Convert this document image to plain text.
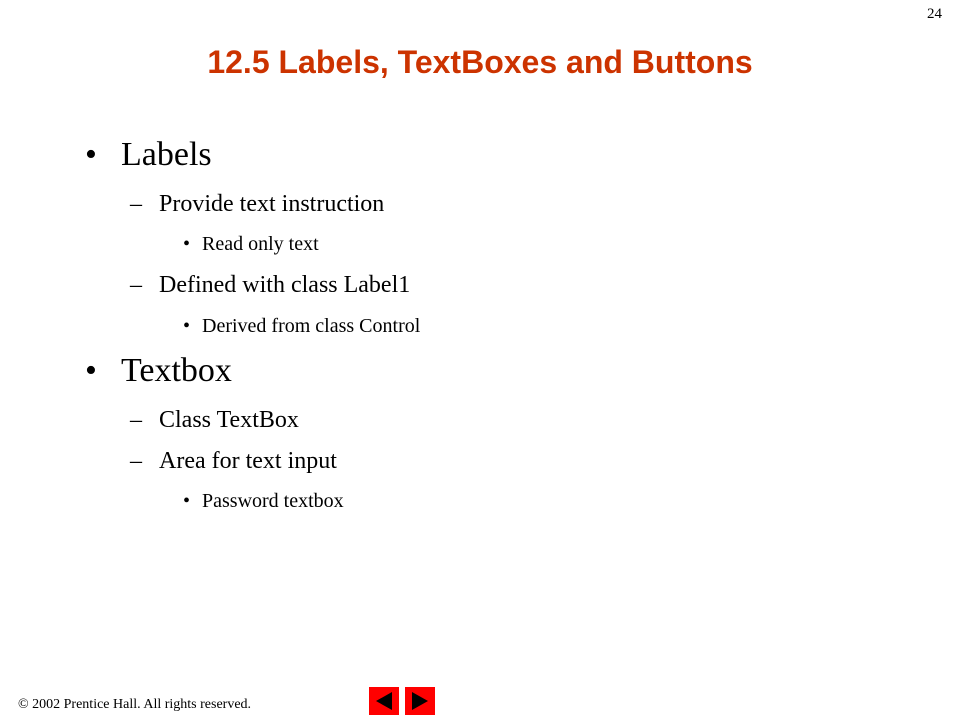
24
12.5 Labels, TextBoxes and Buttons
• Labels
– Provide text instruction
• Read only text
– Defined with class Label1
• Derived from class Control
• Textbox
– Class TextBox
– Area for text input
• Password textbox
© 2002 Prentice Hall. All rights reserved.
